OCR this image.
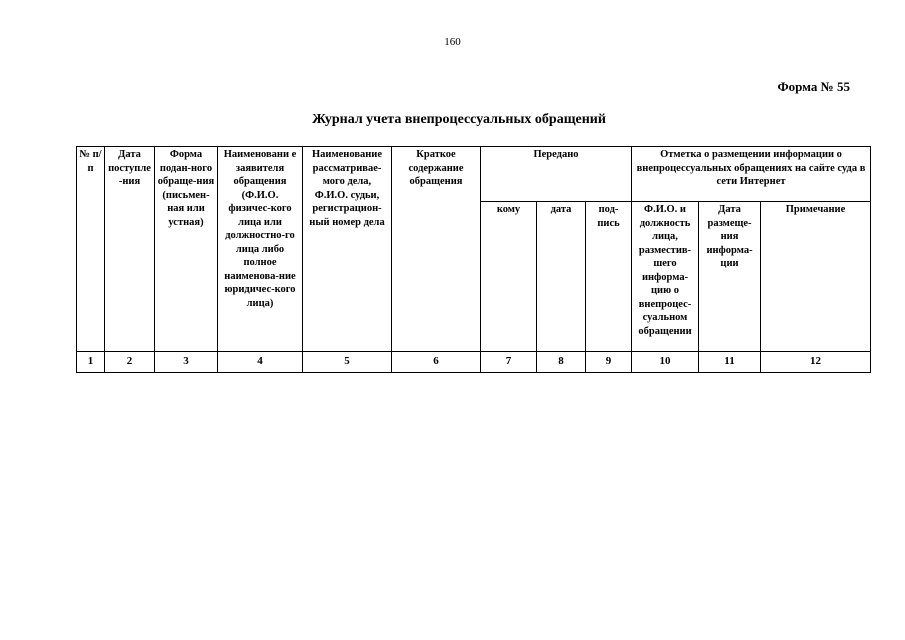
160
Форма № 55
Журнал учета внепроцессуальных обращений
№ п/п	Дата поступле-ния	Форма подан-ного обраще-ния (письмен-ная или устная)	Наименовани е заявителя обращения (Ф.И.О. физичес-кого лица или должностно-го лица либо полное наименова-ние юридичес-кого лица)	Наименование рассматривае-мого дела, Ф.И.О. судьи, регистрацион-ный номер дела	Краткое содержание обращения	Передано			Отметка о размещении информации о внепроцессуальных обращениях на сайте суда в сети Интернет		
						кому	дата	под-пись	Ф.И.О. и должность лица, разместив-шего информа-цию о внепроцес-суальном обращении	Дата размеще-ния информа-ции	Примечание
1	2	3	4	5	6	7	8	9	10	11	12
